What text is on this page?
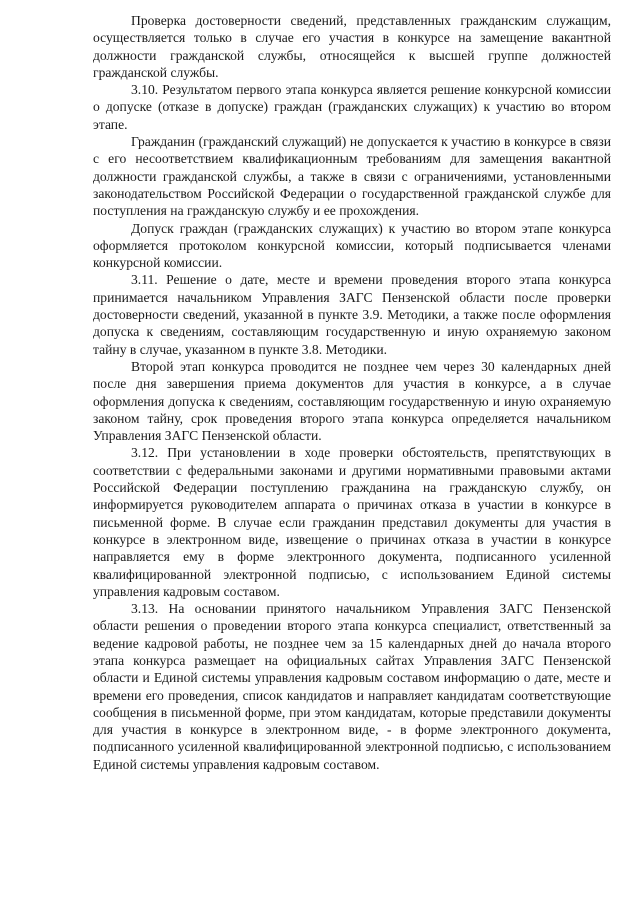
Проверка достоверности сведений, представленных гражданским служащим, осуществляется только в случае его участия в конкурсе на замещение вакантной должности гражданской службы, относящейся к высшей группе должностей гражданской службы.

3.10. Результатом первого этапа конкурса является решение конкурсной комиссии о допуске (отказе в допуске) граждан (гражданских служащих) к участию во втором этапе.

Гражданин (гражданский служащий) не допускается к участию в конкурсе в связи с его несоответствием квалификационным требованиям для замещения вакантной должности гражданской службы, а также в связи с ограничениями, установленными законодательством Российской Федерации о государственной гражданской службе для поступления на гражданскую службу и ее прохождения.

Допуск граждан (гражданских служащих) к участию во втором этапе конкурса оформляется протоколом конкурсной комиссии, который подписывается членами конкурсной комиссии.

3.11. Решение о дате, месте и времени проведения второго этапа конкурса принимается начальником Управления ЗАГС Пензенской области после проверки достоверности сведений, указанной в пункте 3.9. Методики, а также после оформления допуска к сведениям, составляющим государственную и иную охраняемую законом тайну в случае, указанном в пункте 3.8. Методики.

Второй этап конкурса проводится не позднее чем через 30 календарных дней после дня завершения приема документов для участия в конкурсе, а в случае оформления допуска к сведениям, составляющим государственную и иную охраняемую законом тайну, срок проведения второго этапа конкурса определяется начальником Управления ЗАГС Пензенской области.

3.12. При установлении в ходе проверки обстоятельств, препятствующих в соответствии с федеральными законами и другими нормативными правовыми актами Российской Федерации поступлению гражданина на гражданскую службу, он информируется руководителем аппарата о причинах отказа в участии в конкурсе в письменной форме. В случае если гражданин представил документы для участия в конкурсе в электронном виде, извещение о причинах отказа в участии в конкурсе направляется ему в форме электронного документа, подписанного усиленной квалифицированной электронной подписью, с использованием Единой системы управления кадровым составом.

3.13. На основании принятого начальником Управления ЗАГС Пензенской области решения о проведении второго этапа конкурса специалист, ответственный за ведение кадровой работы, не позднее чем за 15 календарных дней до начала второго этапа конкурса размещает на официальных сайтах Управления ЗАГС Пензенской области и Единой системы управления кадровым составом информацию о дате, месте и времени его проведения, список кандидатов и направляет кандидатам соответствующие сообщения в письменной форме, при этом кандидатам, которые представили документы для участия в конкурсе в электронном виде, - в форме электронного документа, подписанного усиленной квалифицированной электронной подписью, с использованием Единой системы управления кадровым составом.
